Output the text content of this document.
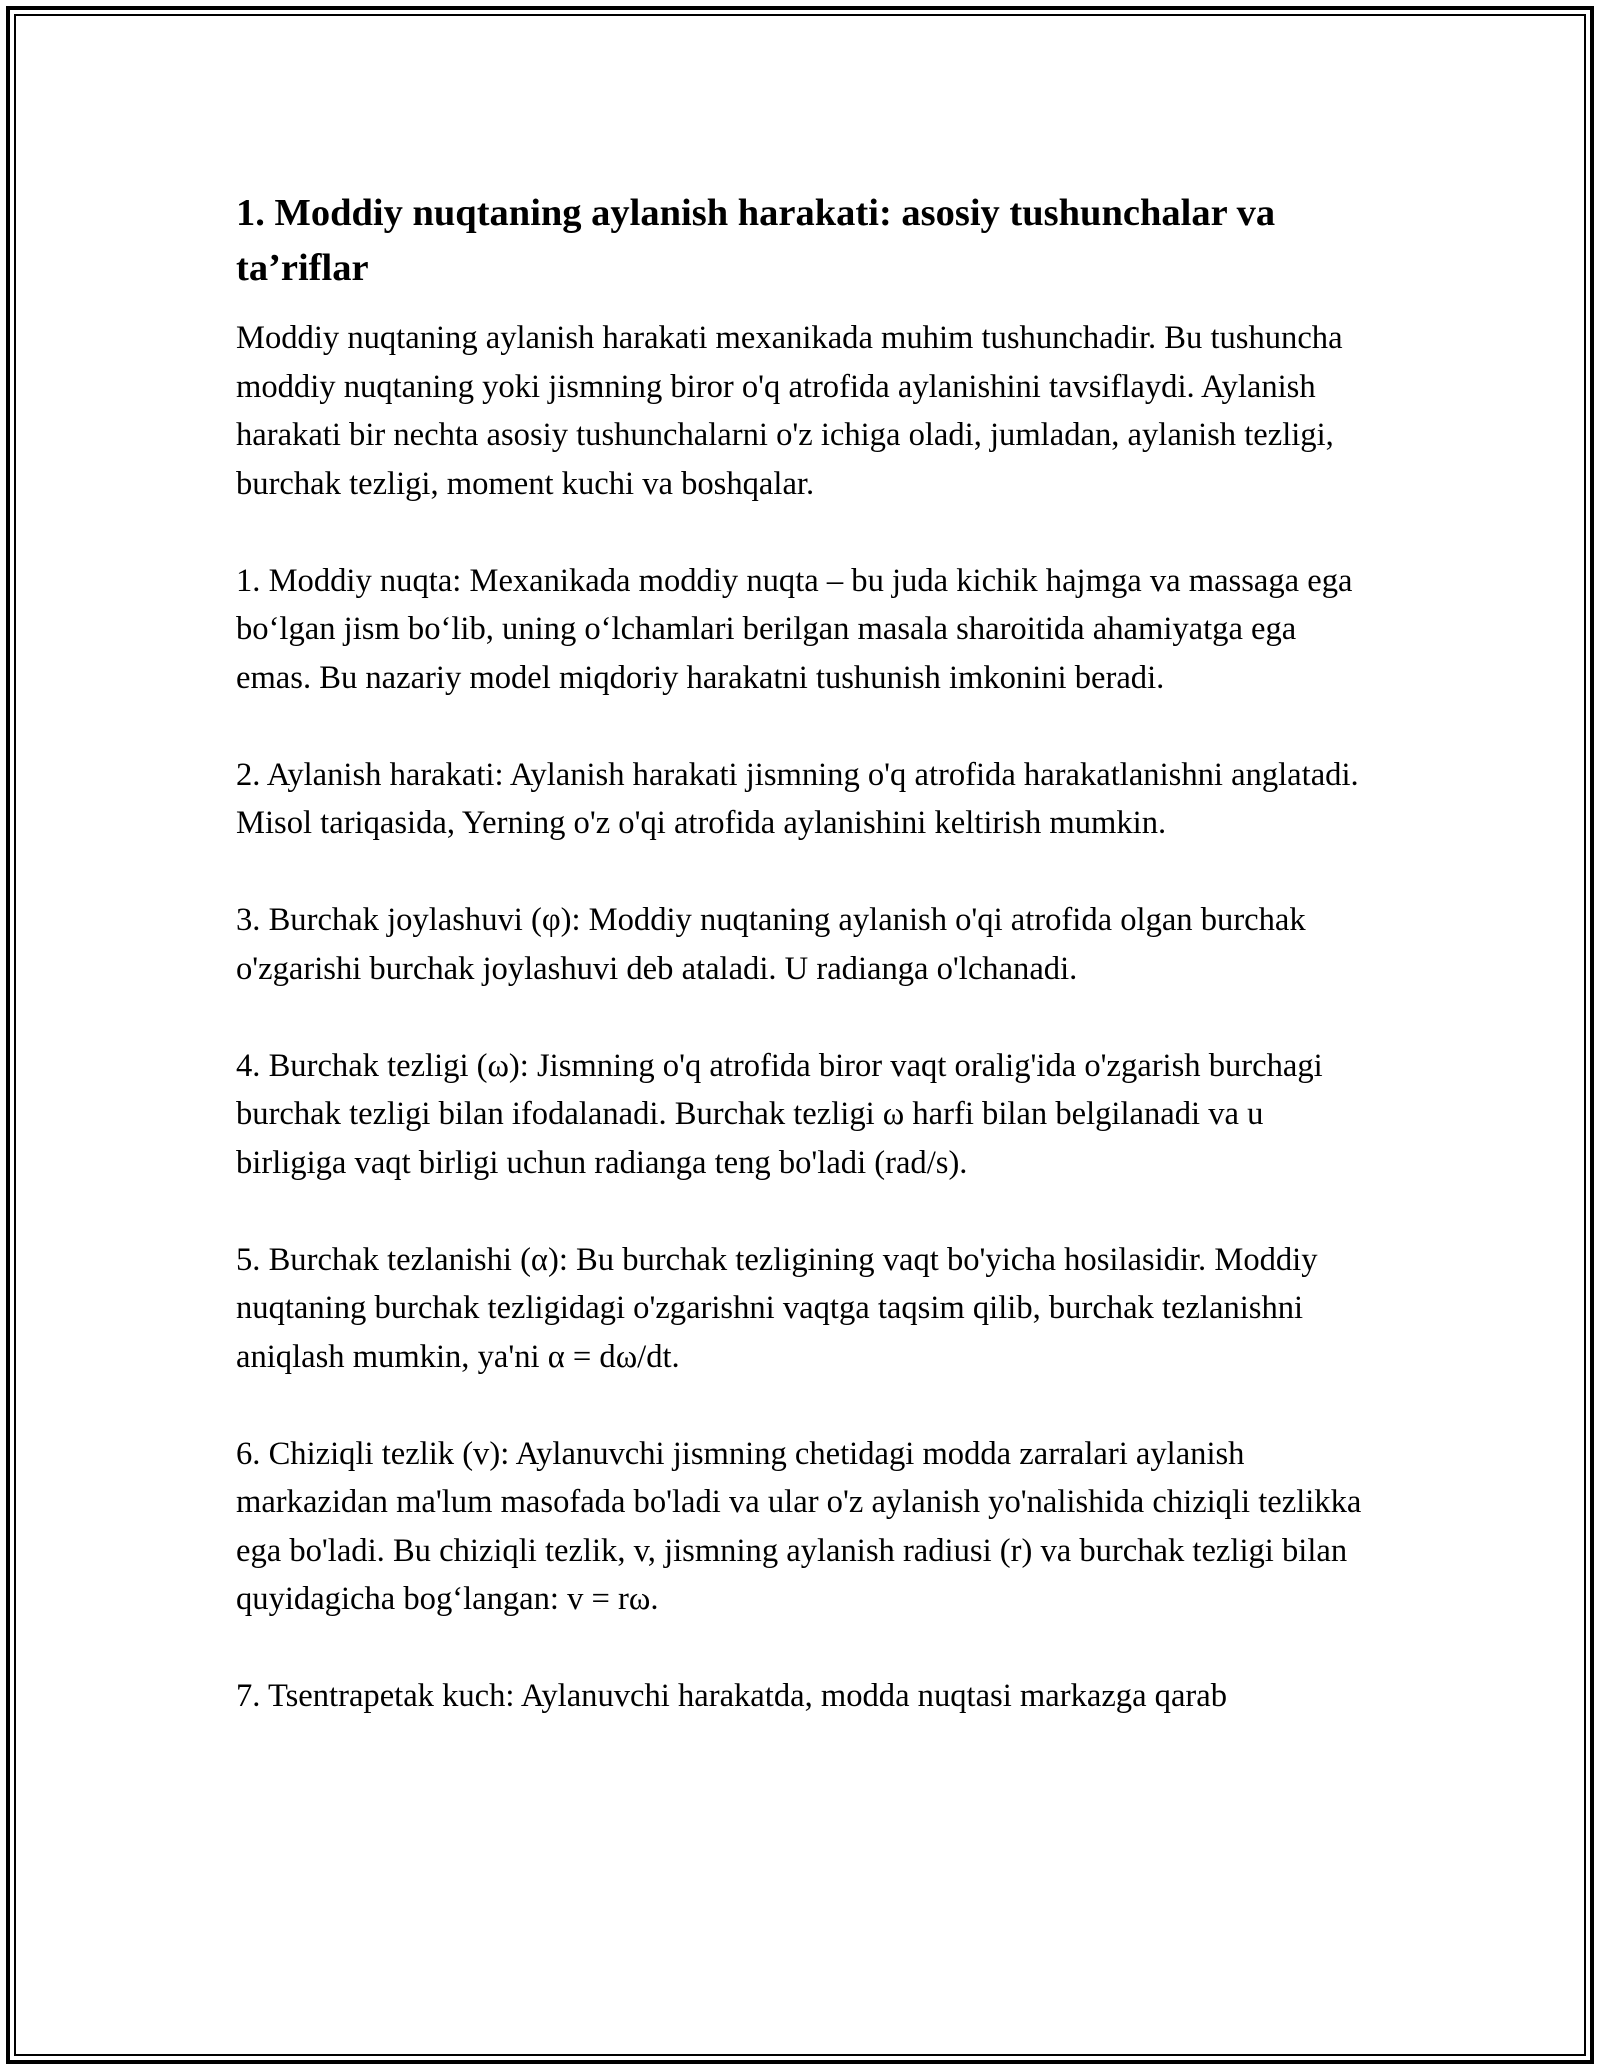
1. Moddiy nuqtaning aylanish harakati: asosiy tushunchalar va ta’riflar

Moddiy nuqtaning aylanish harakati mexanikada muhim tushunchadir. Bu tushuncha moddiy nuqtaning yoki jismning biror o'q atrofida aylanishini tavsiflaydi. Aylanish harakati bir nechta asosiy tushunchalarni o'z ichiga oladi, jumladan, aylanish tezligi, burchak tezligi, moment kuchi va boshqalar.

1. Moddiy nuqta: Mexanikada moddiy nuqta – bu juda kichik hajmga va massaga ega bo‘lgan jism bo‘lib, uning o‘lchamlari berilgan masala sharoitida ahamiyatga ega emas. Bu nazariy model miqdoriy harakatni tushunish imkonini beradi.

2. Aylanish harakati: Aylanish harakati jismning o'q atrofida harakatlanishni anglatadi. Misol tariqasida, Yerning o'z o'qi atrofida aylanishini keltirish mumkin.

3. Burchak joylashuvi (φ): Moddiy nuqtaning aylanish o'qi atrofida olgan burchak o'zgarishi burchak joylashuvi deb ataladi. U radianga o'lchanadi.

4. Burchak tezligi (ω): Jismning o'q atrofida biror vaqt oralig'ida o'zgarish burchagi burchak tezligi bilan ifodalanadi. Burchak tezligi ω harfi bilan belgilanadi va u birligiga vaqt birligi uchun radianga teng bo'ladi (rad/s).

5. Burchak tezlanishi (α): Bu burchak tezligining vaqt bo'yicha hosilasidir. Moddiy nuqtaning burchak tezligidagi o'zgarishni vaqtga taqsim qilib, burchak tezlanishni aniqlash mumkin, ya'ni α = dω/dt.

6. Chiziqli tezlik (v): Aylanuvchi jismning chetidagi modda zarralari aylanish markazidan ma'lum masofada bo'ladi va ular o'z aylanish yo'nalishida chiziqli tezlikka ega bo'ladi. Bu chiziqli tezlik, v, jismning aylanish radiusi (r) va burchak tezligi bilan quyidagicha bog‘langan: v = rω.

7. Tsentrapetak kuch: Aylanuvchi harakatda, modda nuqtasi markazga qarab
